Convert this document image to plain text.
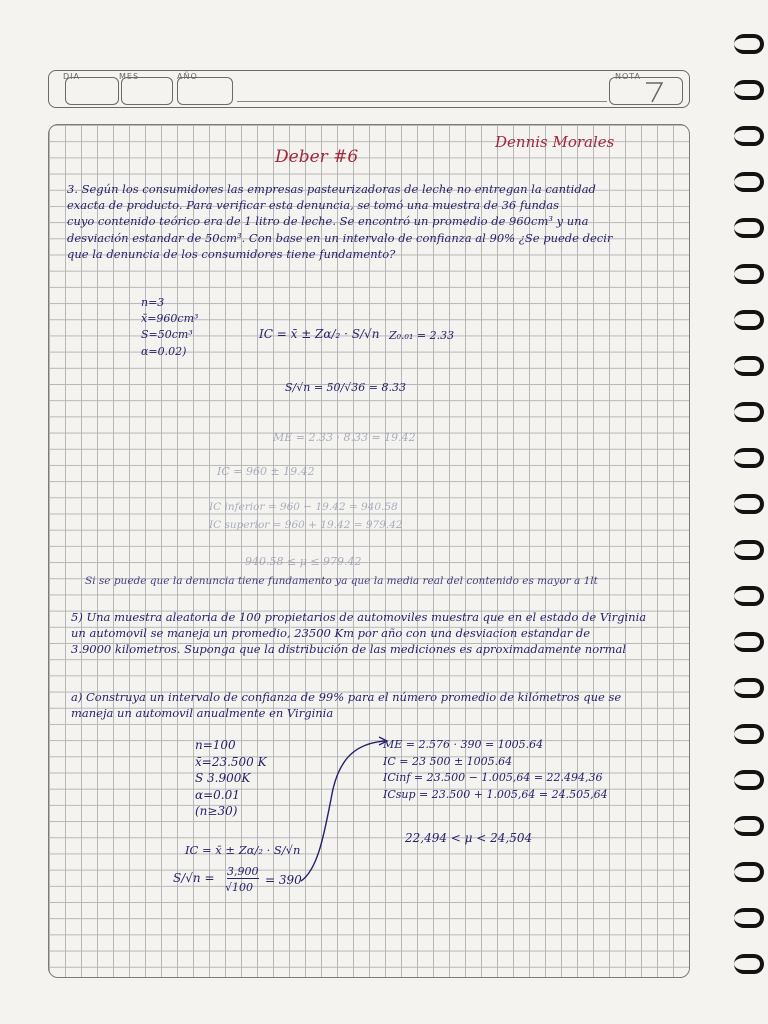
DIA	MES	AÑO	NOTA
Deber #6
Dennis Morales
3. Según los consumidores las empresas pasteurizadoras de leche no entregan la cantidad
exacta de producto. Para verificar esta denuncia, se tomó una muestra de 36 fundas
cuyo contenido teórico era de 1 litro de leche. Se encontró un promedio de 960cm³ y una
desviación estandar de 50cm³. Con base en un intervalo de confianza al 90% ¿Se puede decir
que la denuncia de los consumidores tiene fundamento?
n=3
x̄=960cm³
S=50cm³
α=0.02)
IC = x̄ ± Zα/₂ · S/√n Z₀.₀₁ = 2.33
S/√n = 50/√36 = 8.33
ME = 2.33 · 8.33 = 19.42
IC = 960 ± 19.42
IC inferior = 960 − 19.42 = 940.58
IC superior = 960 + 19.42 = 979.42
940.58 ≤ μ ≤ 979.42
Si se puede que la denuncia tiene fundamento ya que la media real del contenido es mayor a 1lt
5) Una muestra aleatoria de 100 propietarios de automoviles muestra que en el estado de Virginia
un automovil se maneja un promedio, 23500 Km por año con una desviacion estandar de
3.9000 kilometros. Suponga que la distribución de las mediciones es aproximadamente normal
a) Construya un intervalo de confianza de 99% para el número promedio de kilómetros que se
maneja un automovil anualmente en Virginia
n=100
x̄=23.500 K
S 3.900K
α=0.01
(n≥30)
IC = x̄ ± Zα/₂ · S/√n
S/√n = 3,900
√100
= 390
ME = 2.576 · 390 = 1005.64
IC = 23 500 ± 1005.64
ICinf = 23.500 − 1.005,64 = 22.494,36
ICsup = 23.500 + 1.005,64 = 24.505,64
22,494 < μ < 24,504
